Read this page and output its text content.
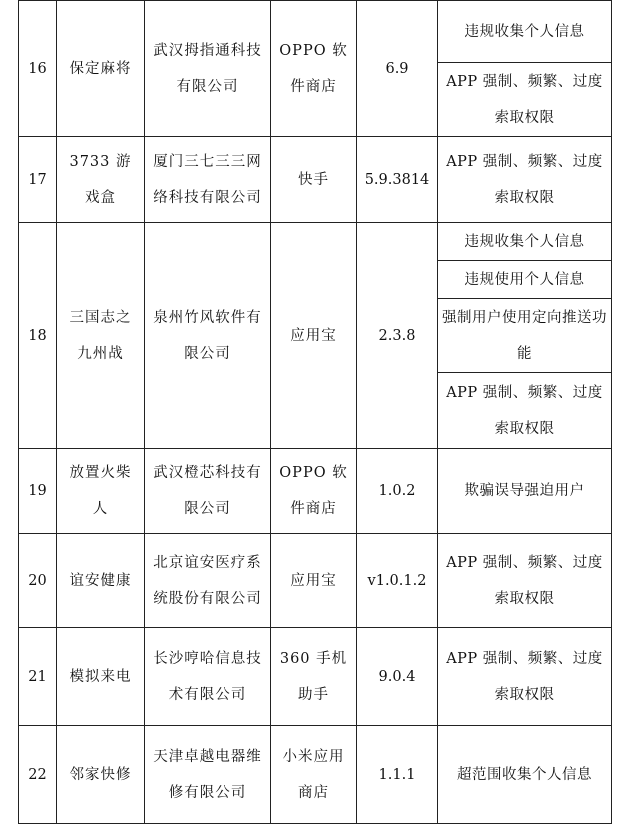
16	保定麻将	武汉拇指通科技有限公司	OPPO 软件商店	6.9	违规收集个人信息
					APP 强制、频繁、过度索取权限
17	3733 游戏盒	厦门三七三三网络科技有限公司	快手	5.9.3814	APP 强制、频繁、过度索取权限
18	三国志之九州战	泉州竹风软件有限公司	应用宝	2.3.8	违规收集个人信息
					违规使用个人信息
					强制用户使用定向推送功能
					APP 强制、频繁、过度索取权限
19	放置火柴人	武汉橙芯科技有限公司	OPPO 软件商店	1.0.2	欺骗误导强迫用户
20	谊安健康	北京谊安医疗系统股份有限公司	应用宝	v1.0.1.2	APP 强制、频繁、过度索取权限
21	模拟来电	长沙哼哈信息技术有限公司	360 手机助手	9.0.4	APP 强制、频繁、过度索取权限
22	邻家快修	天津卓越电器维修有限公司	小米应用商店	1.1.1	超范围收集个人信息
